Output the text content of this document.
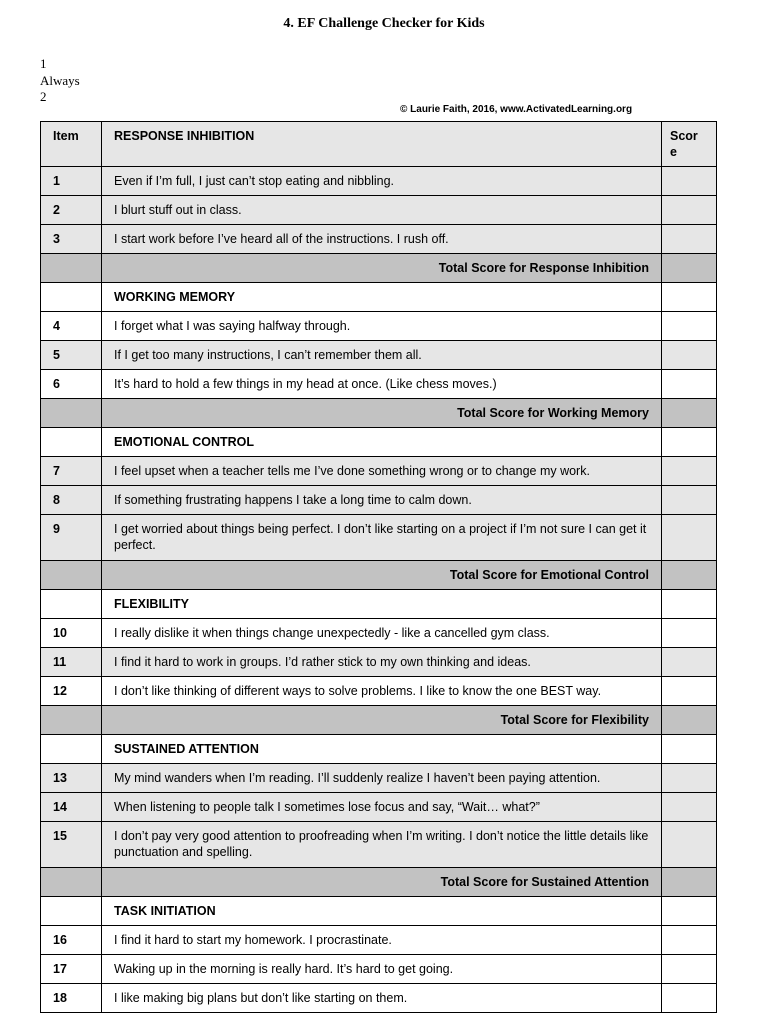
4. EF Challenge Checker for Kids
1
Always
2
© Laurie Faith, 2016, www.ActivatedLearning.org
Item	RESPONSE INHIBITION	Scor e
1	Even if I’m full, I just can’t stop eating and nibbling.	
2	I blurt stuff out in class.	
3	I start work before I’ve heard all of the instructions. I rush off.	
	Total Score for Response Inhibition	
	WORKING MEMORY	
4	I forget what I was saying halfway through.	
5	If I get too many instructions, I can’t remember them all.	
6	It’s hard to hold a few things in my head at once. (Like chess moves.)	
	Total Score for Working Memory	
	EMOTIONAL CONTROL	
7	I feel upset when a teacher tells me I’ve done something wrong or to change my work.	
8	If something frustrating happens I take a long time to calm down.	
9	I get worried about things being perfect. I don’t like starting on a project if I’m not sure I can get it perfect.	
	Total Score for Emotional Control	
	FLEXIBILITY	
10	I really dislike it when things change unexpectedly - like a cancelled gym class.	
11	I find it hard to work in groups. I’d rather stick to my own thinking and ideas.	
12	I don’t like thinking of different ways to solve problems. I like to know the one BEST way.	
	Total Score for Flexibility	
	SUSTAINED ATTENTION	
13	My mind wanders when I’m reading. I’ll suddenly realize I haven’t been paying attention.	
14	When listening to people talk I sometimes lose focus and say, “Wait… what?”	
15	I don’t pay very good attention to proofreading when I’m writing. I don’t notice the little details like punctuation and spelling.	
	Total Score for Sustained Attention	
	TASK INITIATION	
16	I find it hard to start my homework. I procrastinate.	
17	Waking up in the morning is really hard. It’s hard to get going.	
18	I like making big plans but don’t like starting on them.	
